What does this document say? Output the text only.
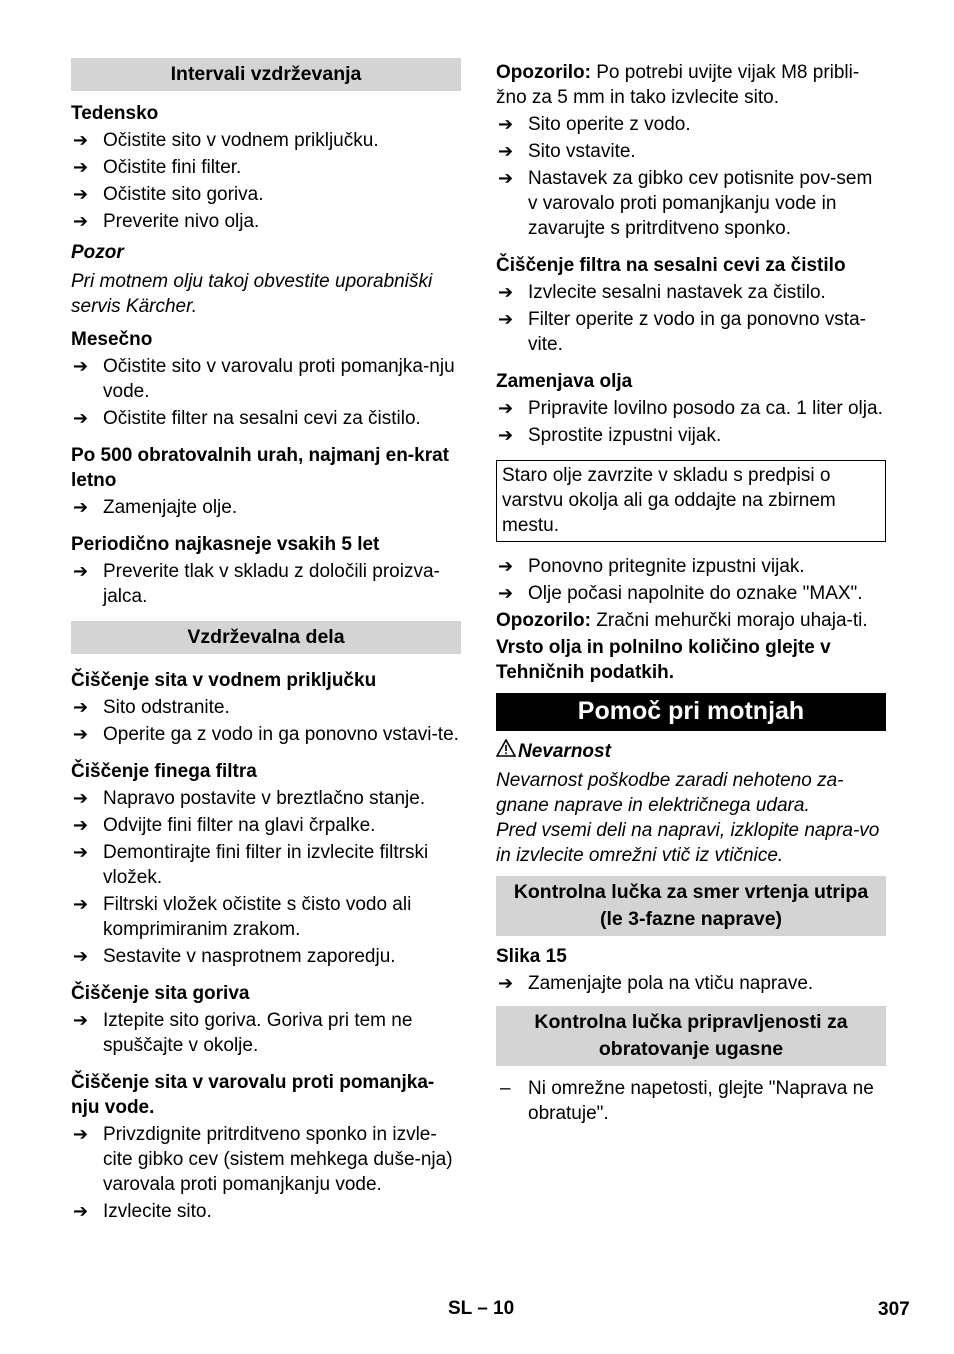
Intervali vzdrževanja
Tedensko
➔ Očistite sito v vodnem priključku.
➔ Očistite fini filter.
➔ Očistite sito goriva.
➔ Preverite nivo olja.
Pozor
Pri motnem olju takoj obvestite uporabniški servis Kärcher.
Mesečno
➔ Očistite sito v varovalu proti pomanjka-nju vode.
➔ Očistite filter na sesalni cevi za čistilo.
Po 500 obratovalnih urah, najmanj en-krat letno
➔ Zamenjajte olje.
Periodično najkasneje vsakih 5 let
➔ Preverite tlak v skladu z določili proizva-jalca.
Vzdrževalna dela
Čiščenje sita v vodnem priključku
➔ Sito odstranite.
➔ Operite ga z vodo in ga ponovno vstavi-te.
Čiščenje finega filtra
➔ Napravo postavite v breztlačno stanje.
➔ Odvijte fini filter na glavi črpalke.
➔ Demontirajte fini filter in izvlecite filtrski vložek.
➔ Filtrski vložek očistite s čisto vodo ali komprimiranim zrakom.
➔ Sestavite v nasprotnem zaporedju.
Čiščenje sita goriva
➔ Iztepite sito goriva. Goriva pri tem ne spuščajte v okolje.
Čiščenje sita v varovalu proti pomanjka-nju vode.
➔ Privzdignite pritrditveno sponko in izvle-cite gibko cev (sistem mehkega duše-nja) varovala proti pomanjkanju vode.
➔ Izvlecite sito.
Opozorilo: Po potrebi uvijte vijak M8 pribli-žno za 5 mm in tako izvlecite sito.
➔ Sito operite z vodo.
➔ Sito vstavite.
➔ Nastavek za gibko cev potisnite pov-sem v varovalo proti pomanjkanju vode in zavarujte s pritrditveno sponko.
Čiščenje filtra na sesalni cevi za čistilo
➔ Izvlecite sesalni nastavek za čistilo.
➔ Filter operite z vodo in ga ponovno vsta-vite.
Zamenjava olja
➔ Pripravite lovilno posodo za ca. 1 liter olja.
➔ Sprostite izpustni vijak.
Staro olje zavrzite v skladu s predpisi o varstvu okolja ali ga oddajte na zbirnem mestu.
➔ Ponovno pritegnite izpustni vijak.
➔ Olje počasi napolnite do oznake "MAX".
Opozorilo: Zračni mehurčki morajo uhaja-ti.
Vrsto olja in polnilno količino glejte v Tehničnih podatkih.
Pomoč pri motnjah
Nevarnost
Nevarnost poškodbe zaradi nehoteno za-gnane naprave in električnega udara.
Pred vsemi deli na napravi, izklopite napra-vo in izvlecite omrežni vtič iz vtičnice.
Kontrolna lučka za smer vrtenja utripa (le 3-fazne naprave)
Slika 15
➔ Zamenjajte pola na vtiču naprave.
Kontrolna lučka pripravljenosti za obratovanje ugasne
– Ni omrežne napetosti, glejte "Naprava ne obratuje".
SL – 10	307
